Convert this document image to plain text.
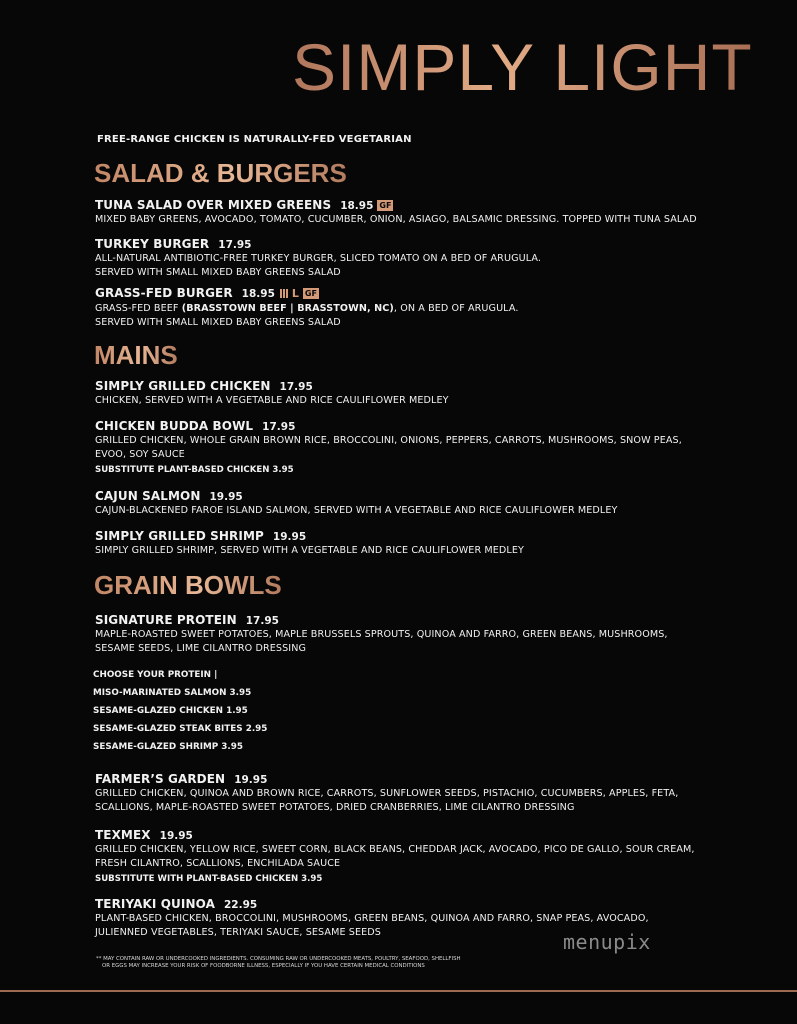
SIMPLY LIGHT
FREE-RANGE CHICKEN IS NATURALLY-FED VEGETARIAN
SALAD & BURGERS
TUNA SALAD OVER MIXED GREENS 18.95 GF
MIXED BABY GREENS, AVOCADO, TOMATO, CUCUMBER, ONION, ASIAGO, BALSAMIC DRESSING. TOPPED WITH TUNA SALAD
TURKEY BURGER 17.95
ALL-NATURAL ANTIBIOTIC-FREE TURKEY BURGER, SLICED TOMATO ON A BED OF ARUGULA.
SERVED WITH SMALL MIXED BABY GREENS SALAD
GRASS-FED BURGER 18.95 L GF
GRASS-FED BEEF (BRASSTOWN BEEF | BRASSTOWN, NC), ON A BED OF ARUGULA.
SERVED WITH SMALL MIXED BABY GREENS SALAD
MAINS
SIMPLY GRILLED CHICKEN 17.95
CHICKEN, SERVED WITH A VEGETABLE AND RICE CAULIFLOWER MEDLEY
CHICKEN BUDDA BOWL 17.95
GRILLED CHICKEN, WHOLE GRAIN BROWN RICE, BROCCOLINI, ONIONS, PEPPERS, CARROTS, MUSHROOMS, SNOW PEAS,
EVOO, SOY SAUCE
SUBSTITUTE PLANT-BASED CHICKEN 3.95
CAJUN SALMON 19.95
CAJUN-BLACKENED FAROE ISLAND SALMON, SERVED WITH A VEGETABLE AND RICE CAULIFLOWER MEDLEY
SIMPLY GRILLED SHRIMP 19.95
SIMPLY GRILLED SHRIMP, SERVED WITH A VEGETABLE AND RICE CAULIFLOWER MEDLEY
GRAIN BOWLS
SIGNATURE PROTEIN 17.95
MAPLE-ROASTED SWEET POTATOES, MAPLE BRUSSELS SPROUTS, QUINOA AND FARRO, GREEN BEANS, MUSHROOMS,
SESAME SEEDS, LIME CILANTRO DRESSING
CHOOSE YOUR PROTEIN |
MISO-MARINATED SALMON 3.95
SESAME-GLAZED CHICKEN 1.95
SESAME-GLAZED STEAK BITES 2.95
SESAME-GLAZED SHRIMP 3.95
FARMER’S GARDEN 19.95
GRILLED CHICKEN, QUINOA AND BROWN RICE, CARROTS, SUNFLOWER SEEDS, PISTACHIO, CUCUMBERS, APPLES, FETA,
SCALLIONS, MAPLE-ROASTED SWEET POTATOES, DRIED CRANBERRIES, LIME CILANTRO DRESSING
TEXMEX 19.95
GRILLED CHICKEN, YELLOW RICE, SWEET CORN, BLACK BEANS, CHEDDAR JACK, AVOCADO, PICO DE GALLO, SOUR CREAM,
FRESH CILANTRO, SCALLIONS, ENCHILADA SAUCE
SUBSTITUTE WITH PLANT-BASED CHICKEN 3.95
TERIYAKI QUINOA 22.95
PLANT-BASED CHICKEN, BROCCOLINI, MUSHROOMS, GREEN BEANS, QUINOA AND FARRO, SNAP PEAS, AVOCADO,
JULIENNED VEGETABLES, TERIYAKI SAUCE, SESAME SEEDS
** MAY CONTAIN RAW OR UNDERCOOKED INGREDIENTS. CONSUMING RAW OR UNDERCOOKED MEATS, POULTRY, SEAFOOD, SHELLFISH
OR EGGS MAY INCREASE YOUR RISK OF FOODBORNE ILLNESS, ESPECIALLY IF YOU HAVE CERTAIN MEDICAL CONDITIONS
menupix
